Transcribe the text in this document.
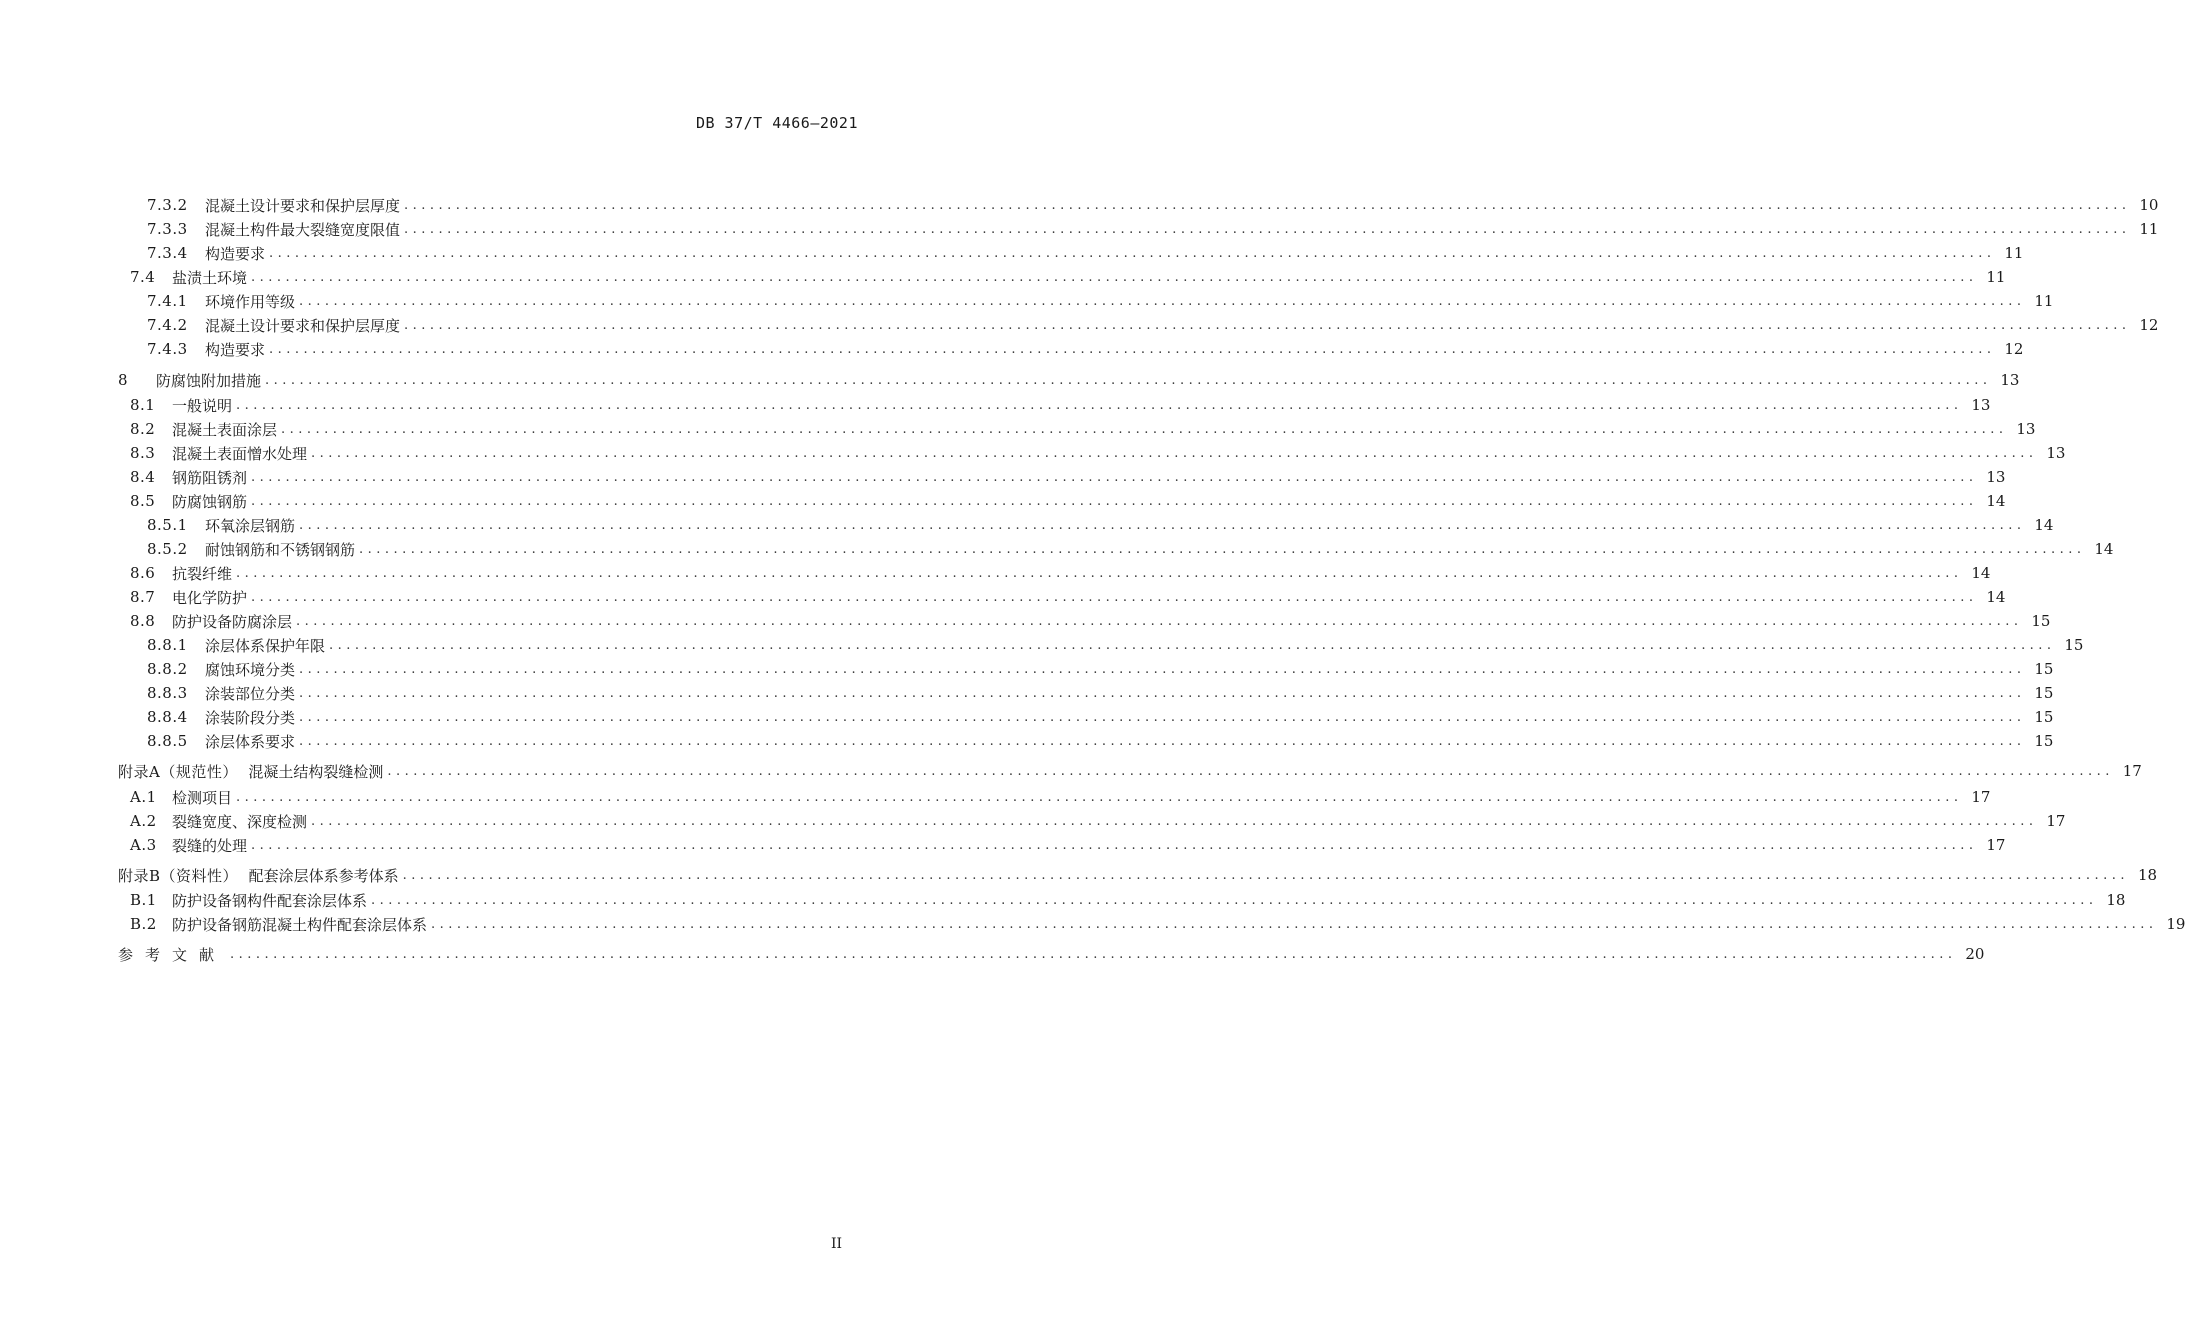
DB 37/T 4466—2021
7.3.2	混凝土设计要求和保护层厚度 ........................................................................................................................................................................................................ 10
7.3.3	混凝土构件最大裂缝宽度限值 ........................................................................................................................................................................................................ 11
7.3.4	构造要求 ........................................................................................................................................................................................................ 11
7.4	盐渍土环境 ........................................................................................................................................................................................................ 11
7.4.1	环境作用等级 ........................................................................................................................................................................................................ 11
7.4.2	混凝土设计要求和保护层厚度 ........................................................................................................................................................................................................ 12
7.4.3	构造要求 ........................................................................................................................................................................................................ 12
8	防腐蚀附加措施 ........................................................................................................................................................................................................ 13
8.1	一般说明 ........................................................................................................................................................................................................ 13
8.2	混凝土表面涂层 ........................................................................................................................................................................................................ 13
8.3	混凝土表面憎水处理 ........................................................................................................................................................................................................ 13
8.4	钢筋阻锈剂 ........................................................................................................................................................................................................ 13
8.5	防腐蚀钢筋 ........................................................................................................................................................................................................ 14
8.5.1	环氧涂层钢筋 ........................................................................................................................................................................................................ 14
8.5.2	耐蚀钢筋和不锈钢钢筋 ........................................................................................................................................................................................................ 14
8.6	抗裂纤维 ........................................................................................................................................................................................................ 14
8.7	电化学防护 ........................................................................................................................................................................................................ 14
8.8	防护设备防腐涂层 ........................................................................................................................................................................................................ 15
8.8.1	涂层体系保护年限 ........................................................................................................................................................................................................ 15
8.8.2	腐蚀环境分类 ........................................................................................................................................................................................................ 15
8.8.3	涂装部位分类 ........................................................................................................................................................................................................ 15
8.8.4	涂装阶段分类 ........................................................................................................................................................................................................ 15
8.8.5	涂层体系要求 ........................................................................................................................................................................................................ 15
附录A（规范性） 混凝土结构裂缝检测 ........................................................................................................................................................................................................ 17
A.1	检测项目 ........................................................................................................................................................................................................ 17
A.2	裂缝宽度、深度检测 ........................................................................................................................................................................................................ 17
A.3	裂缝的处理 ........................................................................................................................................................................................................ 17
附录B（资料性） 配套涂层体系参考体系 ........................................................................................................................................................................................................ 18
B.1	防护设备钢构件配套涂层体系 ........................................................................................................................................................................................................ 18
B.2	防护设备钢筋混凝土构件配套涂层体系 ........................................................................................................................................................................................................ 19
参考文献 ........................................................................................................................................................................................................ 20
II
